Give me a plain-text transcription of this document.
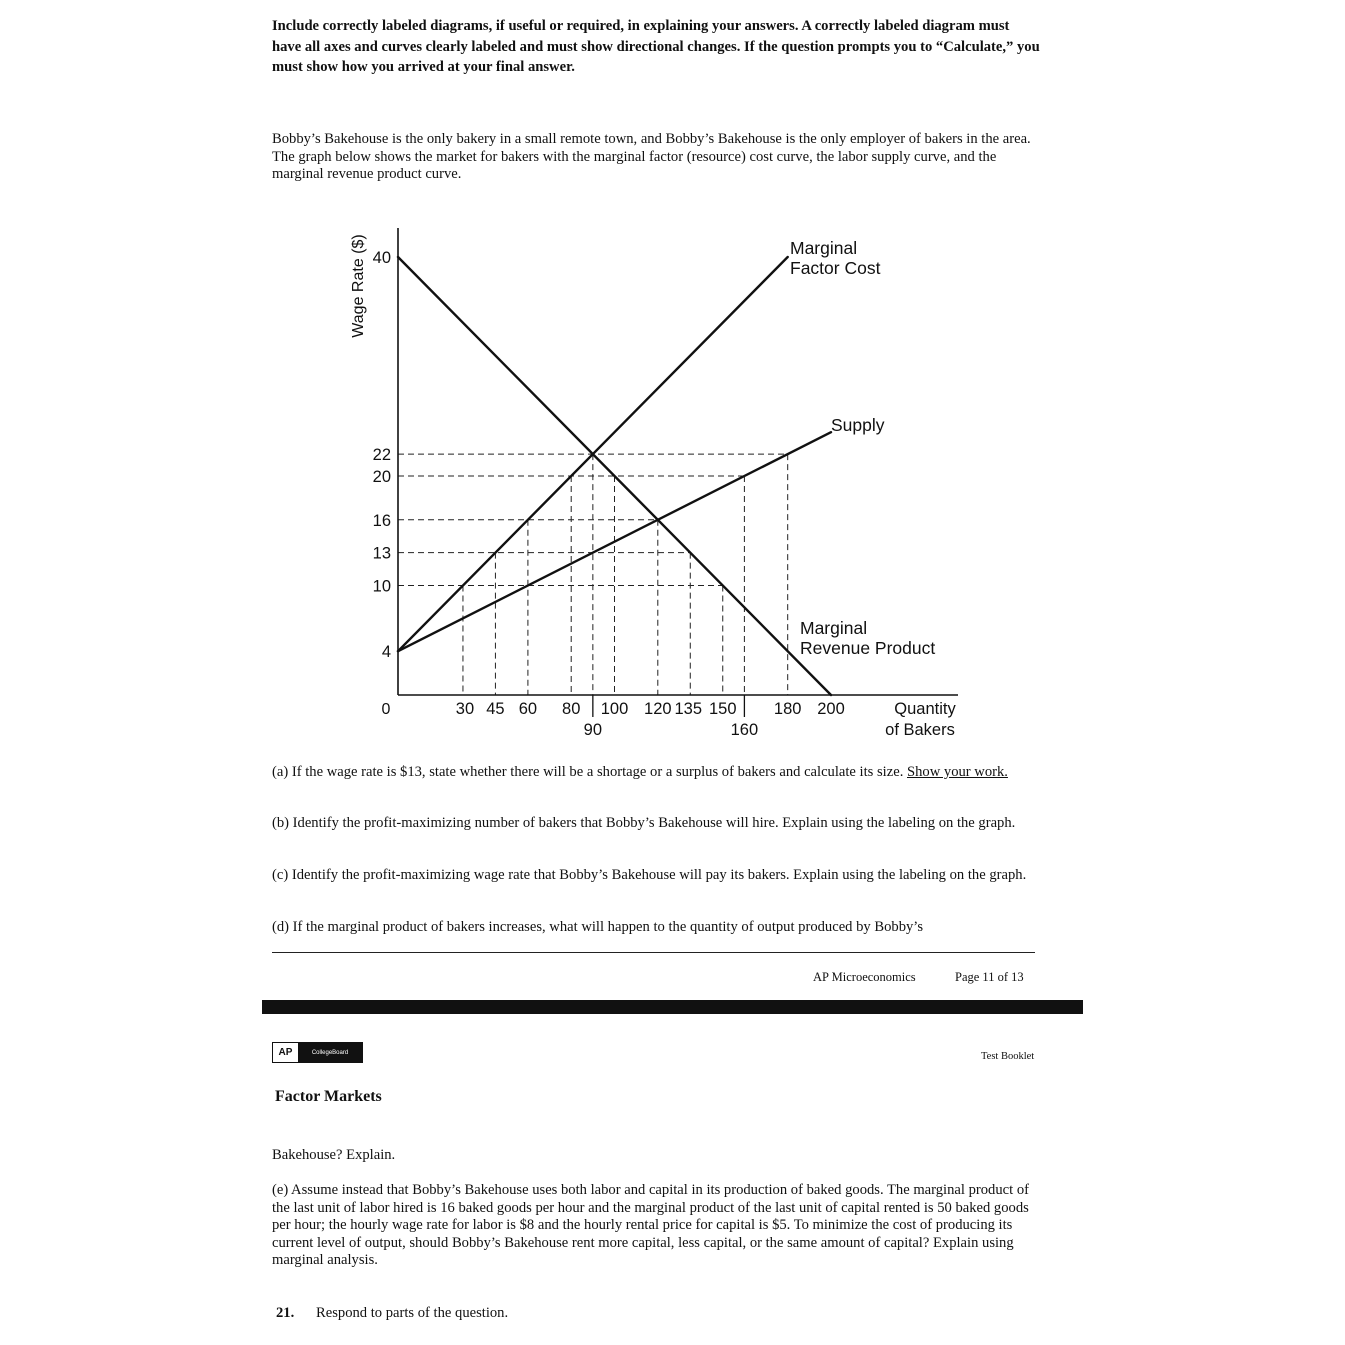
Include correctly labeled diagrams, if useful or required, in explaining your answers. A correctly labeled diagram must have all axes and curves clearly labeled and must show directional changes. If the question prompts you to “Calculate,” you must show how you arrived at your final answer.

Bobby’s Bakehouse is the only bakery in a small remote town, and Bobby’s Bakehouse is the only employer of bakers in the area. The graph below shows the market for bakers with the marginal factor (resource) cost curve, the labor supply curve, and the marginal revenue product curve.

4
10
13
16
20
22
40
30 45 60 80
90
100 120 135 150
160
180 200
Wage Rate ($)
Quantity
of Bakers
0
Marginal
Factor Cost
Supply
Marginal
Revenue Product

(a) If the wage rate is $13, state whether there will be a shortage or a surplus of bakers and calculate its size. Show your work.

(b) Identify the profit-maximizing number of bakers that Bobby’s Bakehouse will hire. Explain using the labeling on the graph.

(c) Identify the profit-maximizing wage rate that Bobby’s Bakehouse will pay its bakers. Explain using the labeling on the graph.

(d) If the marginal product of bakers increases, what will happen to the quantity of output produced by Bobby’s

AP Microeconomics	Page 11 of 13
AP	CollegeBoard	Test Booklet
Factor Markets

Bakehouse? Explain.

(e) Assume instead that Bobby’s Bakehouse uses both labor and capital in its production of baked goods. The marginal product of the last unit of labor hired is 16 baked goods per hour and the marginal product of the last unit of capital rented is 50 baked goods per hour; the hourly wage rate for labor is $8 and the hourly rental price for capital is $5. To minimize the cost of producing its current level of output, should Bobby’s Bakehouse rent more capital, less capital, or the same amount of capital? Explain using marginal analysis.

21. Respond to parts of the question.
